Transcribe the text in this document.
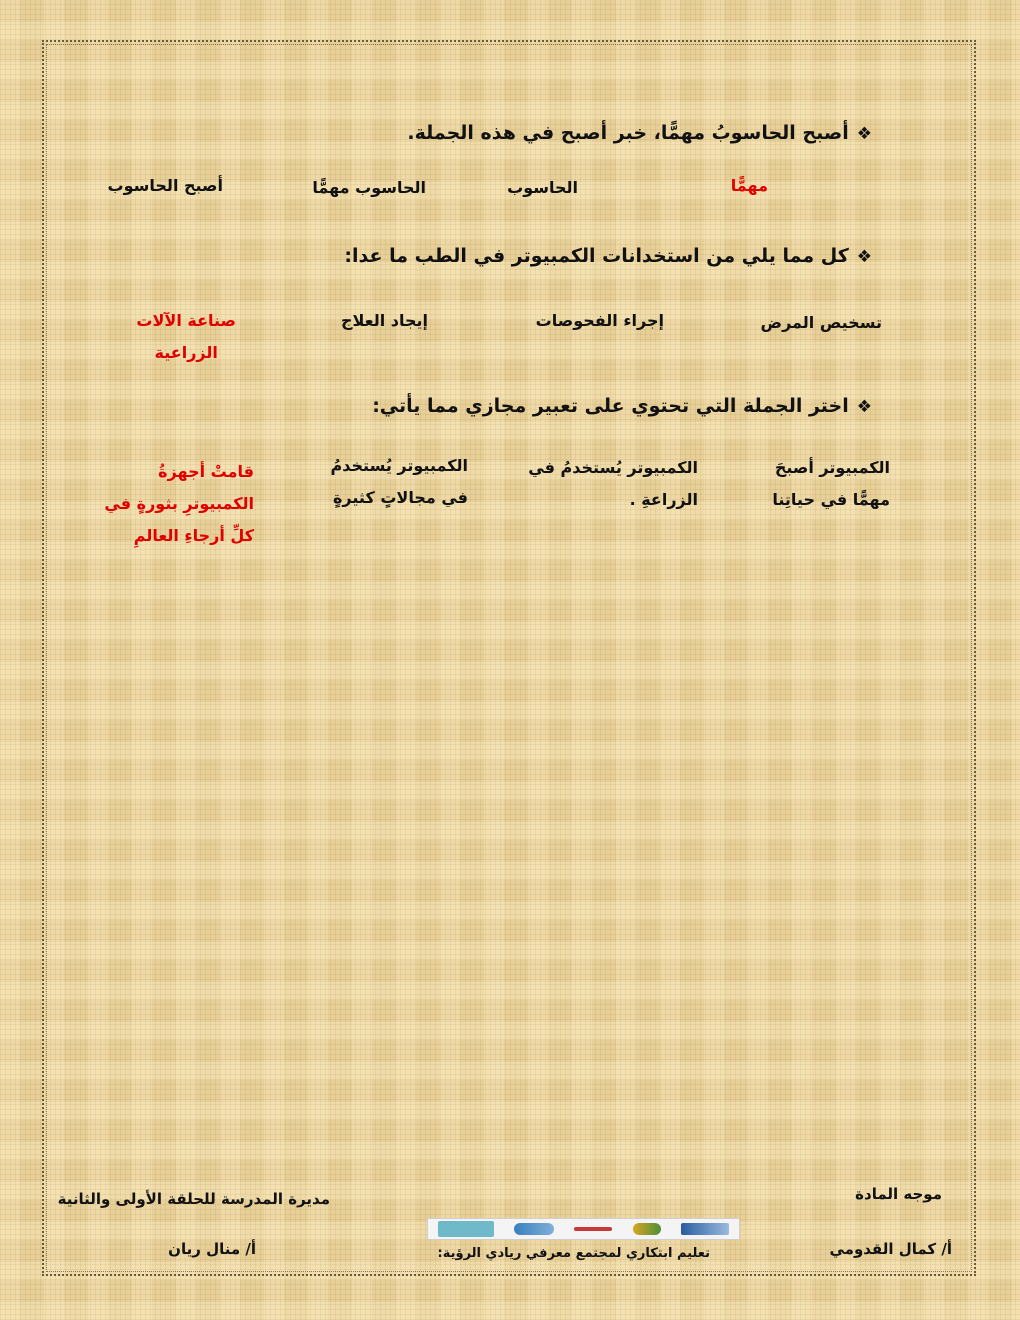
❖أصبح الحاسوبُ مهمًّا، خبر أصبح في هذه الجملة.
مهمًّا
الحاسوب
الحاسوب مهمًّا
أصبح الحاسوب
❖كل مما يلي من استخدانات الكمبيوتر في الطب ما عدا:
تسخيص المرض
إجراء الفحوصات
إيجاد العلاج
صناعة الآلات
الزراعية
❖اختر الجملة التي تحتوي على تعبير مجازي مما يأتي:
الكمبيوتر أصبحَ
مهمًّا في حياتِنا
الكمبيوتر يُستخدمُ في
الزراعةِ .
الكمبيوتر يُستخدمُ
في مجالاتٍ كثيرةٍ
قامتْ أجهزةُ
الكمبيوترِ بثورةٍ في
كلِّ أرجاءِ العالمِ
موجه المادة
أ/ كمال القدومي
مديرة المدرسة للحلقة الأولى والثانية
أ/ منال ريان	تعليم ابتكاري لمجتمع معرفي ريادي الرؤية:
